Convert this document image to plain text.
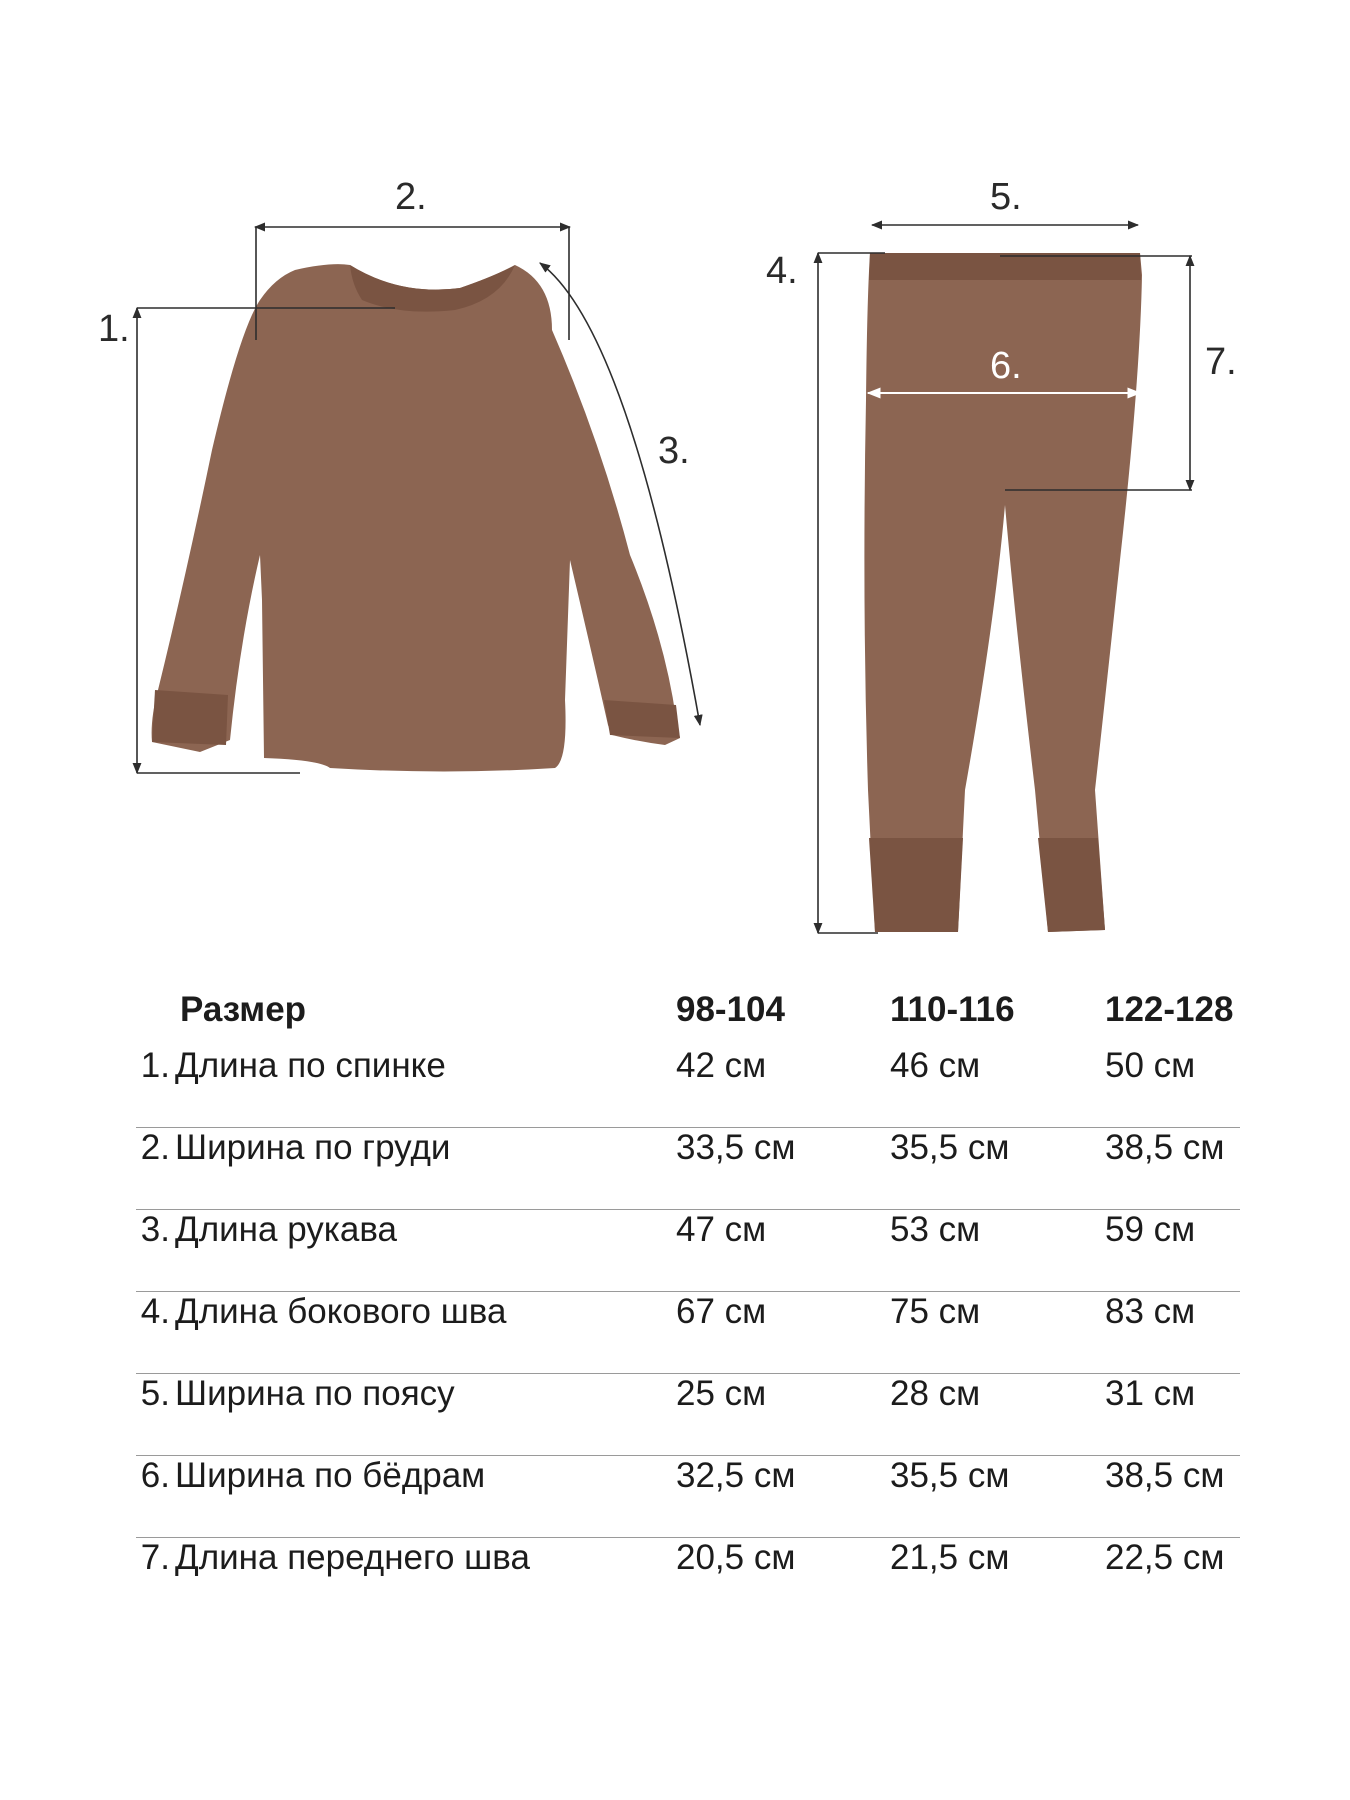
1.
2.
3.
4.
5.
6.	7.
Размер	98-104	110-116	122-128
1. Длина по спинке	42 см	46 см	50 см
2. Ширина по груди	33,5 см	35,5 см	38,5 см
3. Длина рукава	47 см	53 см	59 см
4. Длина бокового шва	67 см	75 см	83 см
5. Ширина по поясу	25 см	28 см	31 см
6. Ширина по бёдрам	32,5 см	35,5 см	38,5 см
7. Длина переднего шва	20,5 см	21,5 см	22,5 см
